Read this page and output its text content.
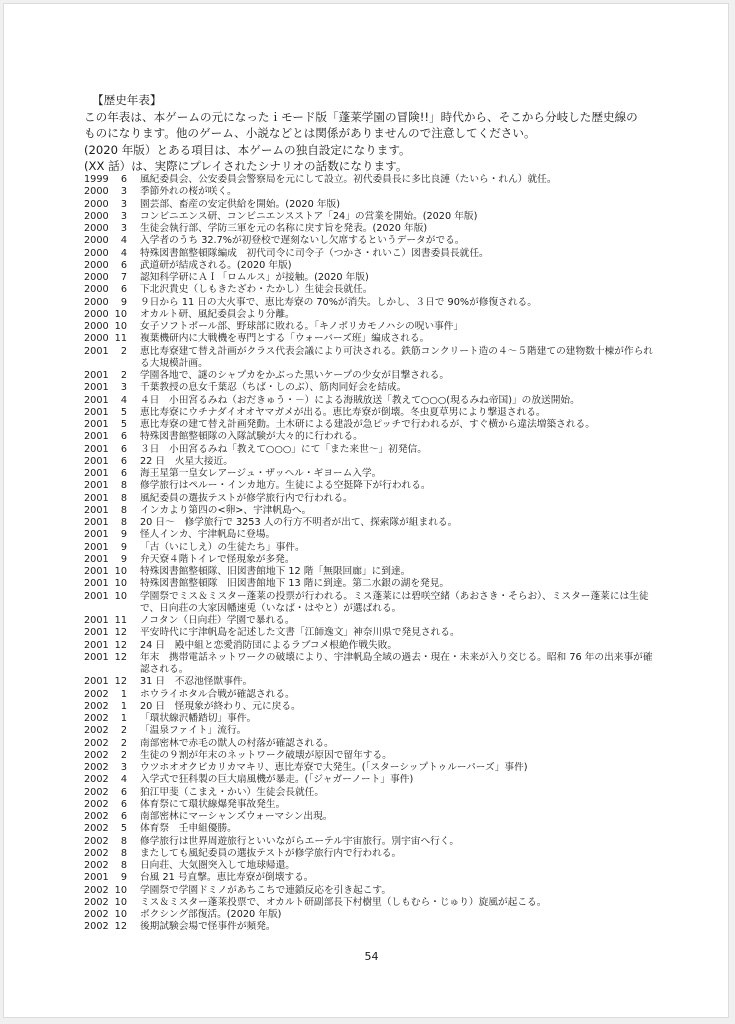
【歴史年表】
この年表は、本ゲームの元になったｉモード版「蓬莱学園の冒険!!」時代から、そこから分岐した歴史線の
ものになります。他のゲーム、小説などとは関係がありませんので注意してください。
(2020 年版）とある項目は、本ゲームの独自設定になります。
(XX 話）は、実際にプレイされたシナリオの話数になります。
1999	6 風紀委員会、公安委員会警察局を元にして設立。初代委員長に多比良漣（たいら・れん）就任。
2000	3 季節外れの桜が咲く。
2000	3 園芸部、畜産の安定供給を開始。(2020 年版)
2000	3 コンビニエンス研、コンビニエンスストア「24」の営業を開始。(2020 年版)
2000	3 生徒会執行部、学防三軍を元の名称に戻す旨を発表。(2020 年版)
2000	4 入学者のうち 32.7%が初登校で遅刻ないし欠席するというデータがでる。
2000	4 特殊図書館整頓隊編成　初代司令に司令子（つかさ・れいこ）図書委員長就任。
2000	6 武道研が結成される。(2020 年版)
2000	7 認知科学研にＡＩ「ロムルス」が接触。(2020 年版)
2000	6 下北沢貴史（しもきたざわ・たかし）生徒会長就任。
2000	9 ９日から 11 日の大火事で、恵比寿寮の 70%が消失。しかし、３日で 90%が修復される。
2000 10 オカルト研、風紀委員会より分離。
2000 10 女子ソフトボール部、野球部に敗れる。「キノボリカモノハシの呪い事件」
2000 11 複葉機研内に大戦機を専門とする「ウォーバーズ班」編成される。
2001	2 恵比寿寮建て替え計画がクラス代表会議により可決される。鉄筋コンクリート造の４～５階建ての建物数十棟が作られる大規模計画。
2001	2 学園各地で、謎のシャプカをかぶった黒いケープの少女が目撃される。
2001	3 千葉教授の息女千葉忍（ちば・しのぶ）、筋肉同好会を結成。
2001	4 ４日　小田宮るみね（おだきゅう・－）による海賊放送「教えて○○○(現るみね帝国)」の放送開始。
2001	5 恵比寿寮にウチナダイオオヤマガメが出る。恵比寿寮が倒壊。冬虫夏草男により撃退される。
2001	5 恵比寿寮の建て替え計画発動。土木研による建設が急ピッチで行われるが、すぐ横から違法増築される。
2001	6 特殊図書館整頓隊の入隊試験が大々的に行われる。
2001	6 ３日　小田宮るみね「教えて○○○」にて「また来世～」初発信。
2001	6 22 日　火星大接近。
2001	6 海王星第一皇女レアージュ・ザッヘル・ギヨーム入学。
2001	8 修学旅行はペルー・インカ地方。生徒による空挺降下が行われる。
2001	8 風紀委員の選抜テストが修学旅行内で行われる。
2001	8 インカより第四の<卵>、宇津帆島へ。
2001	8 20 日～　修学旅行で 3253 人の行方不明者が出て、探索隊が組まれる。
2001	9 怪人インカ、宇津帆島に登場。
2001	9 「古（いにしえ）の生徒たち」事件。
2001	9 弁天寮４階トイレで怪現象が多発。
2001 10 特殊図書館整頓隊、旧図書館地下 12 階「無限回廊」に到達。
2001 10 特殊図書館整頓隊　旧図書館地下 13 階に到達。第二水銀の湖を発見。
2001 10 学園祭でミス＆ミスター蓬莱の投票が行われる。ミス蓬莱には碧咲空緒（あおさき・そらお）、ミスター蓬莱には生徒で、日向荘の大家因幡速兎（いなば・はやと）が選ばれる。
2001 11 ノコタン（日向荘）学園で暴れる。
2001 12 平安時代に宇津帆島を記述した文書「江師逸文」神奈川県で発見される。
2001 12 24 日　殿中組と恋愛消防団によるラブコメ根絶作戦失敗。
2001 12 年末　携帯電話ネットワークの破壊により、宇津帆島全域の過去・現在・未来が入り交じる。昭和 76 年の出来事が確認される。
2001 12 31 日　不忍池怪獣事件。
2002	1 ホウライホタル合戦が確認される。
2002	1 20 日　怪現象が終わり、元に戻る。
2002	1 「環状線沢幡踏切」事件。
2002	2 「温泉ファイト」流行。
2002	2 南部密林で赤毛の獣人の村落が確認される。
2002	2 生徒の９割が年末のネットワーク破壊が原因で留年する。
2002	3 ウツホオオクビカリカマキリ、恵比寿寮で大発生。(「スターシップトゥルーパーズ」事件)
2002	4 入学式で狂科製の巨大扇風機が暴走。(「ジャガーノート」事件)
2002	6 狛江甲斐（こまえ・かい）生徒会長就任。
2002	6 体育祭にて環状線爆発事故発生。
2002	6 南部密林にマーシャンズウォーマシン出現。
2002	5 体育祭　壬申組優勝。
2002	8 修学旅行は世界周遊旅行といいながらエーテル宇宙旅行。別宇宙へ行く。
2002	8 またしても風紀委員の選抜テストが修学旅行内で行われる。
2002	8 日向荘、大気圏突入して地球帰還。
2001	9 台風 21 号直撃。恵比寿寮が倒壊する。
2002 10 学園祭で学園ドミノがあちこちで連鎖反応を引き起こす。
2002 10 ミス＆ミスター蓬莱投票で、オカルト研副部長下村樹里（しもむら・じゅり）旋風が起こる。
2002 10 ボクシング部復活。(2020 年版)
2002 12 後期試験会場で怪事件が頻発。
54
